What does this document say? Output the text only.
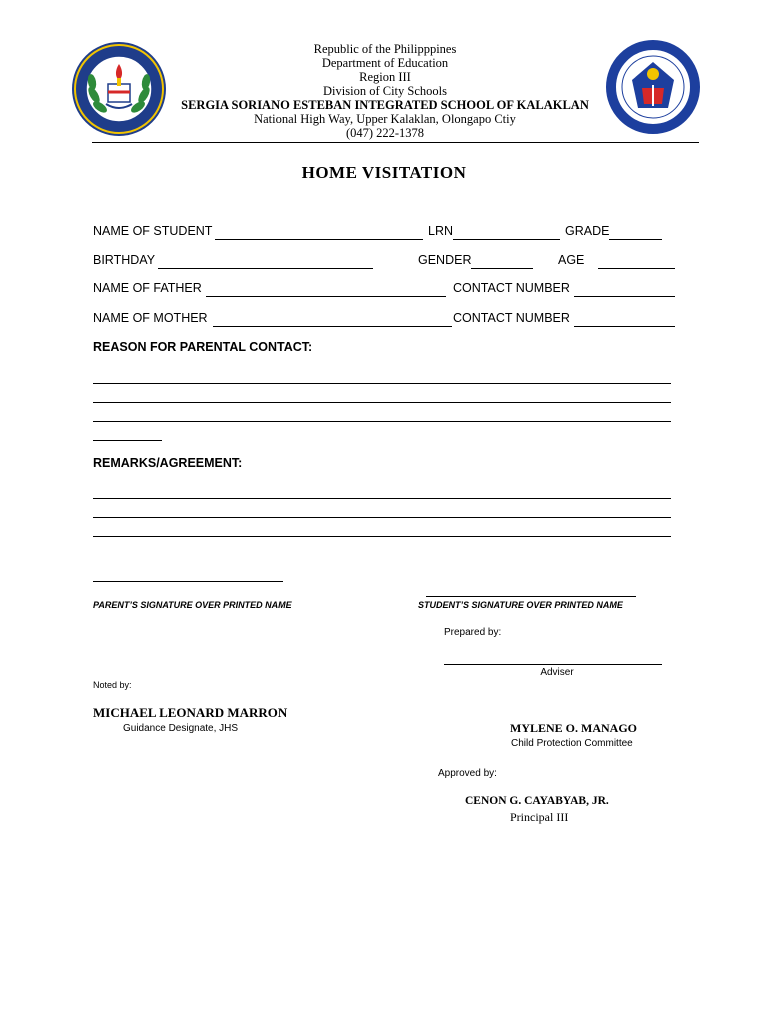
Republic of the Philipppines
Department of Education
Region III
Division of City Schools
SERGIA SORIANO ESTEBAN INTEGRATED SCHOOL OF KALAKLAN
National High Way, Upper Kalaklan, Olongapo Ctiy
(047) 222-1378
HOME VISITATION
NAME OF STUDENT	LRN	GRADE
BIRTHDAY	GENDER	AGE
NAME OF FATHER	CONTACT NUMBER
NAME OF MOTHER	CONTACT NUMBER
REASON FOR PARENTAL CONTACT:
REMARKS/AGREEMENT:
PARENT’S SIGNATURE OVER PRINTED NAME	STUDENT’S SIGNATURE OVER PRINTED NAME
Prepared by:
Adviser
Noted by:
MICHAEL LEONARD MARRON
Guidance Designate, JHS	MYLENE O. MANAGO
Child Protection Committee
Approved by:
CENON G. CAYABYAB, JR.
Principal III
